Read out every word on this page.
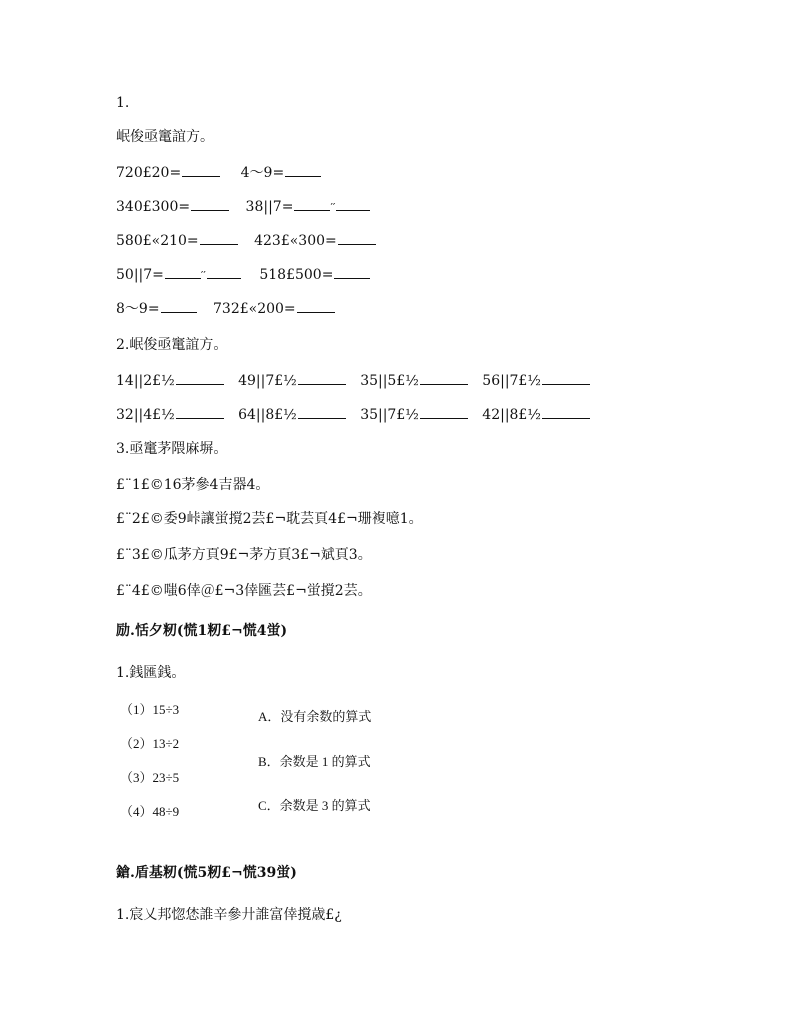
1.
岷俊亟竃誼方。
720£20=	4～9=
340£300=	38||7=	′′
580£«210=	423£«300=
50||7=	′′	518£500=
8～9=	732£«200=
2.岷俊亟竃誼方。
14||2£½	49||7£½	35||5£½	56||7£½
32||4£½	64||8£½	35||7£½	42||8£½
3.亟竃茅隈麻塀。
£¨1£©16茅參4吉器4。
£¨2£©委9峠讓蛍撹2芸£¬耽芸頁4£¬珊複噫1。
£¨3£©瓜茅方頁9£¬茅方頁3£¬斌頁3。
£¨4£©嗤6倖＠£¬3倖匯芸£¬蛍撹2芸。
励.恬夕籾(慌1籾£¬慌4蛍)
1.銭匯銭。
（1）15÷3
（2）13÷2
（3）23÷5
（4）48÷9
A．没有余数的算式
B．余数是 1 的算式
C．余数是 3 的算式
鎗.盾基籾(慌5籾£¬慌39蛍)
1.宸乂邦惚恷誰辛參廾誰富倖撹歳£¿
